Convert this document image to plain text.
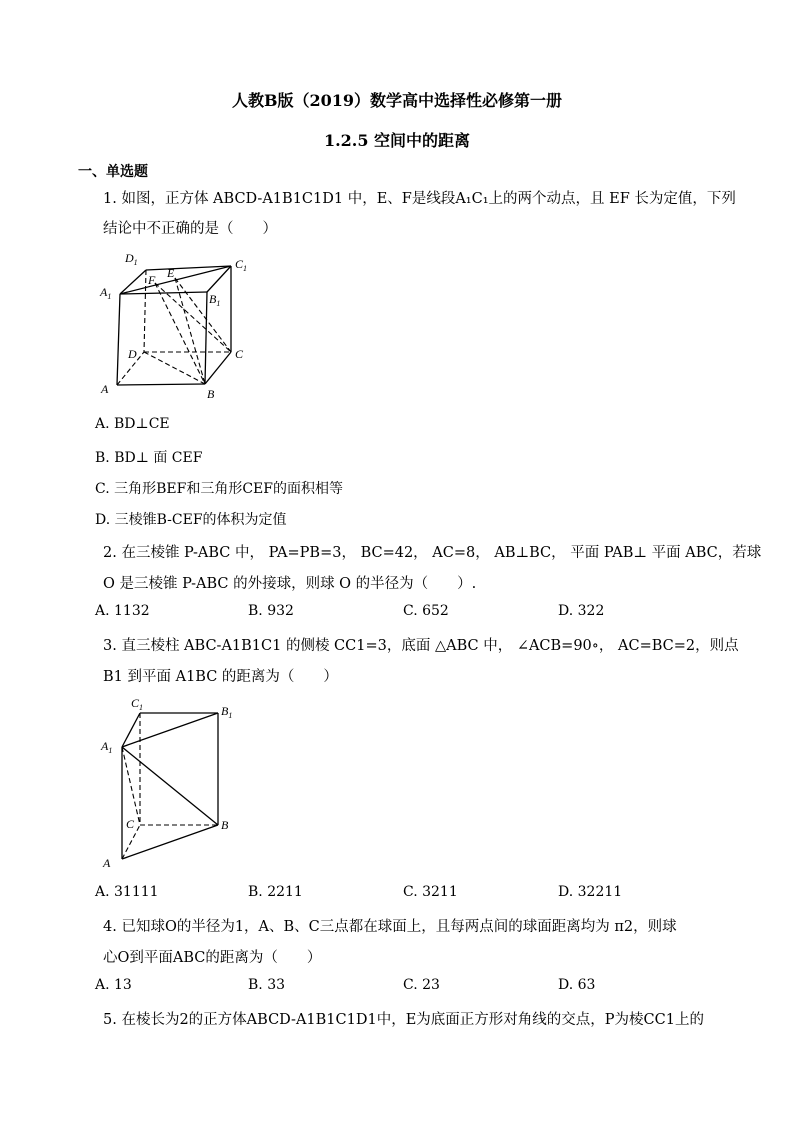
人教B版（2019）数学高中选择性必修第一册
1.2.5 空间中的距离
一、单选题
1. 如图，正方体 ABCD-A1B1C1D1 中，E、F是线段A₁C₁上的两个动点，且 EF 长为定值，下列
结论中不正确的是（　　）
$D_1$
$A_1$
F E
$C_1$
$B_1$
D	C
A	B
A. BD⊥CE
B. BD⊥ 面 CEF
C. 三角形BEF和三角形CEF的面积相等
D. 三棱锥B-CEF的体积为定值
2. 在三棱锥 P-ABC 中， PA=PB=3， BC=42， AC=8， AB⊥BC， 平面 PAB⊥ 平面 ABC，若球
O 是三棱锥 P-ABC 的外接球，则球 O 的半径为（　　）.
A. 1132	B. 932	C. 652	D. 322
3. 直三棱柱 ABC-A1B1C1 的侧棱 CC1=3，底面 △ABC 中， ∠ACB=90∘， AC=BC=2，则点
B1 到平面 A1BC 的距离为（　　）
$C_1$	$B_1$
$A_1$
C	B
A
A. 31111	B. 2211	C. 3211	D. 32211
4. 已知球O的半径为1，A、B、C三点都在球面上，且每两点间的球面距离均为 π2，则球
心O到平面ABC的距离为（　　）
A. 13	B. 33	C. 23	D. 63
5. 在棱长为2的正方体ABCD-A1B1C1D1中，E为底面正方形对角线的交点，P为棱CC1上的
